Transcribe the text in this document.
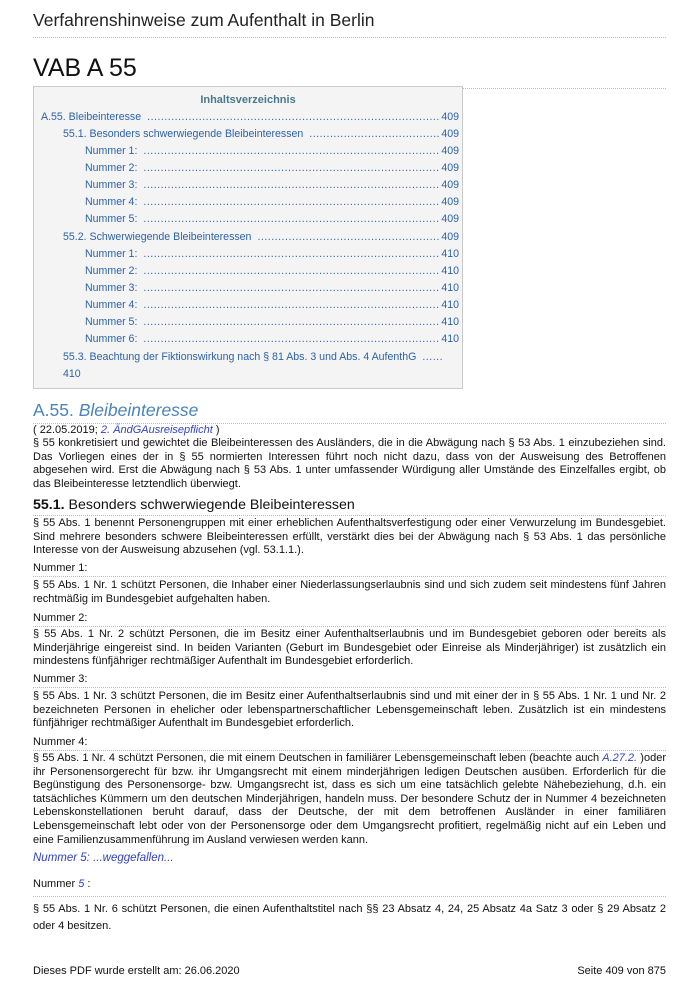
Verfahrenshinweise zum Aufenthalt in Berlin
VAB A 55
Inhaltsverzeichnis
A.55. Bleibeinteresse .....	409
55.1. Besonders schwerwiegende Bleibeinteressen .....	409
Nummer 1: .....	409
Nummer 2: .....	409
Nummer 3: .....	409
Nummer 4: .....	409
Nummer 5: .....	409
55.2. Schwerwiegende Bleibeinteressen .....	409
Nummer 1: .....	410
Nummer 2: .....	410
Nummer 3: .....	410
Nummer 4: .....	410
Nummer 5: .....	410
Nummer 6: .....	410
55.3. Beachtung der Fiktionswirkung nach § 81 Abs. 3 und Abs. 4 AufenthG
.....
410
A.55. Bleibeinteresse
( 22.05.2019; 2. ÄndGAusreisepflicht )
§ 55 konkretisiert und gewichtet die Bleibeinteressen des Ausländers, die in die Abwägung nach § 53 Abs. 1 einzubeziehen sind. Das Vorliegen eines der in § 55 normierten Interessen führt noch nicht dazu, dass von der Ausweisung des Betroffenen abgesehen wird. Erst die Abwägung nach § 53 Abs. 1 unter umfassender Würdigung aller Umstände des Einzelfalles ergibt, ob das Bleibeinteresse letztendlich überwiegt.
55.1. Besonders schwerwiegende Bleibeinteressen
§ 55 Abs. 1 benennt Personengruppen mit einer erheblichen Aufenthaltsverfestigung oder einer Verwurzelung im Bundesgebiet. Sind mehrere besonders schwere Bleibeinteressen erfüllt, verstärkt dies bei der Abwägung nach § 53 Abs. 1 das persönliche Interesse von der Ausweisung abzusehen (vgl. 53.1.1.).
Nummer 1:
§ 55 Abs. 1 Nr. 1 schützt Personen, die Inhaber einer Niederlassungserlaubnis sind und sich zudem seit mindestens fünf Jahren rechtmäßig im Bundesgebiet aufgehalten haben.
Nummer 2:
§ 55 Abs. 1 Nr. 2 schützt Personen, die im Besitz einer Aufenthaltserlaubnis und im Bundesgebiet geboren oder bereits als Minderjährige eingereist sind. In beiden Varianten (Geburt im Bundesgebiet oder Einreise als Minderjähriger) ist zusätzlich ein mindestens fünfjähriger rechtmäßiger Aufenthalt im Bundesgebiet erforderlich.
Nummer 3:
§ 55 Abs. 1 Nr. 3 schützt Personen, die im Besitz einer Aufenthaltserlaubnis sind und mit einer der in § 55 Abs. 1 Nr. 1 und Nr. 2 bezeichneten Personen in ehelicher oder lebenspartnerschaftlicher Lebensgemeinschaft leben. Zusätzlich ist ein mindestens fünfjähriger rechtmäßiger Aufenthalt im Bundesgebiet erforderlich.
Nummer 4:
§ 55 Abs. 1 Nr. 4 schützt Personen, die mit einem Deutschen in familiärer Lebensgemeinschaft leben (beachte auch A.27.2. )oder ihr Personensorgerecht für bzw. ihr Umgangsrecht mit einem minderjährigen ledigen Deutschen ausüben. Erforderlich für die Begünstigung des Personensorge- bzw. Umgangsrecht ist, dass es sich um eine tatsächlich gelebte Nähebeziehung, d.h. ein tatsächliches Kümmern um den deutschen Minderjährigen, handeln muss. Der besondere Schutz der in Nummer 4 bezeichneten Lebenskonstellationen beruht darauf, dass der Deutsche, der mit dem betroffenen Ausländer in einer familiären Lebensgemeinschaft lebt oder von der Personensorge oder dem Umgangsrecht profitiert, regelmäßig nicht auf ein Leben und eine Familienzusammenführung im Ausland verwiesen werden kann.
Nummer 5: ...weggefallen...
Nummer 5 :
§ 55 Abs. 1 Nr. 6 schützt Personen, die einen Aufenthaltstitel nach §§ 23 Absatz 4, 24, 25 Absatz 4a Satz 3 oder § 29 Absatz 2 oder 4 besitzen.
Dieses PDF wurde erstellt am: 26.06.2020	Seite 409 von 875
